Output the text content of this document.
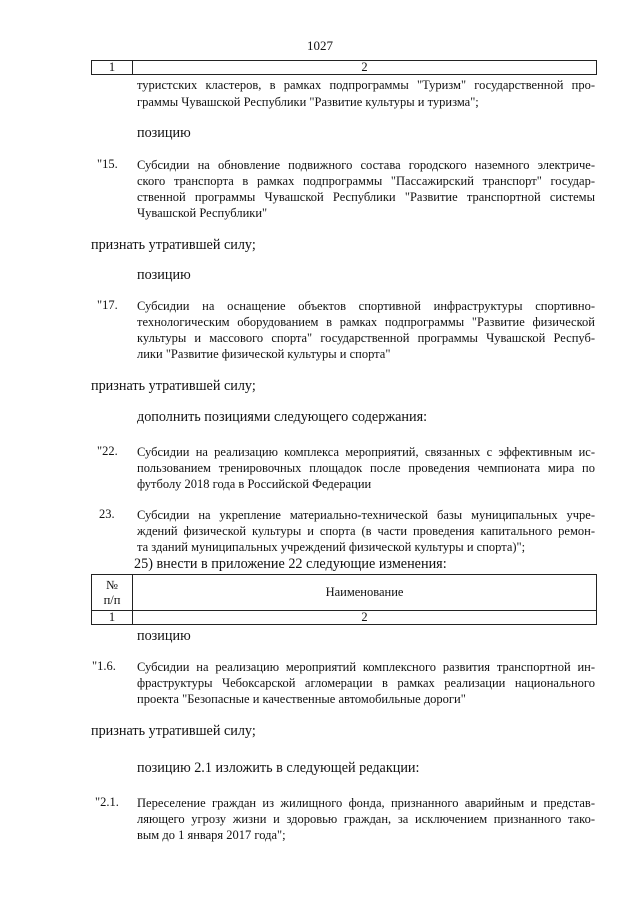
1027
1	2
туристских кластеров, в рамках подпрограммы "Туризм" государственной про-
граммы Чувашской Республики "Развитие культуры и туризма";
позицию
"15. Субсидии на обновление подвижного состава городского наземного электриче-
ского транспорта в рамках подпрограммы "Пассажирский транспорт" государ-
ственной программы Чувашской Республики "Развитие транспортной системы
Чувашской Республики"
признать утратившей силу;
позицию
"17. Субсидии на оснащение объектов спортивной инфраструктуры спортивно-
технологическим оборудованием в рамках подпрограммы "Развитие физической
культуры и массового спорта" государственной программы Чувашской Респуб-
лики "Развитие физической культуры и спорта"
признать утратившей силу;
дополнить позициями следующего содержания:
"22. Субсидии на реализацию комплекса мероприятий, связанных с эффективным ис-
пользованием тренировочных площадок после проведения чемпионата мира по
футболу 2018 года в Российской Федерации
23. Субсидии на укрепление материально-технической базы муниципальных учре-
ждений физической культуры и спорта (в части проведения капитального ремон-
та зданий муниципальных учреждений физической культуры и спорта)";
25) внести в приложение 22 следующие изменения:
№
п/п	Наименование
1	2
позицию
"1.6. Субсидии на реализацию мероприятий комплексного развития транспортной ин-
фраструктуры Чебоксарской агломерации в рамках реализации национального
проекта "Безопасные и качественные автомобильные дороги"
признать утратившей силу;
позицию 2.1 изложить в следующей редакции:
"2.1. Переселение граждан из жилищного фонда, признанного аварийным и представ-
ляющего угрозу жизни и здоровью граждан, за исключением признанного тако-
вым до 1 января 2017 года";
